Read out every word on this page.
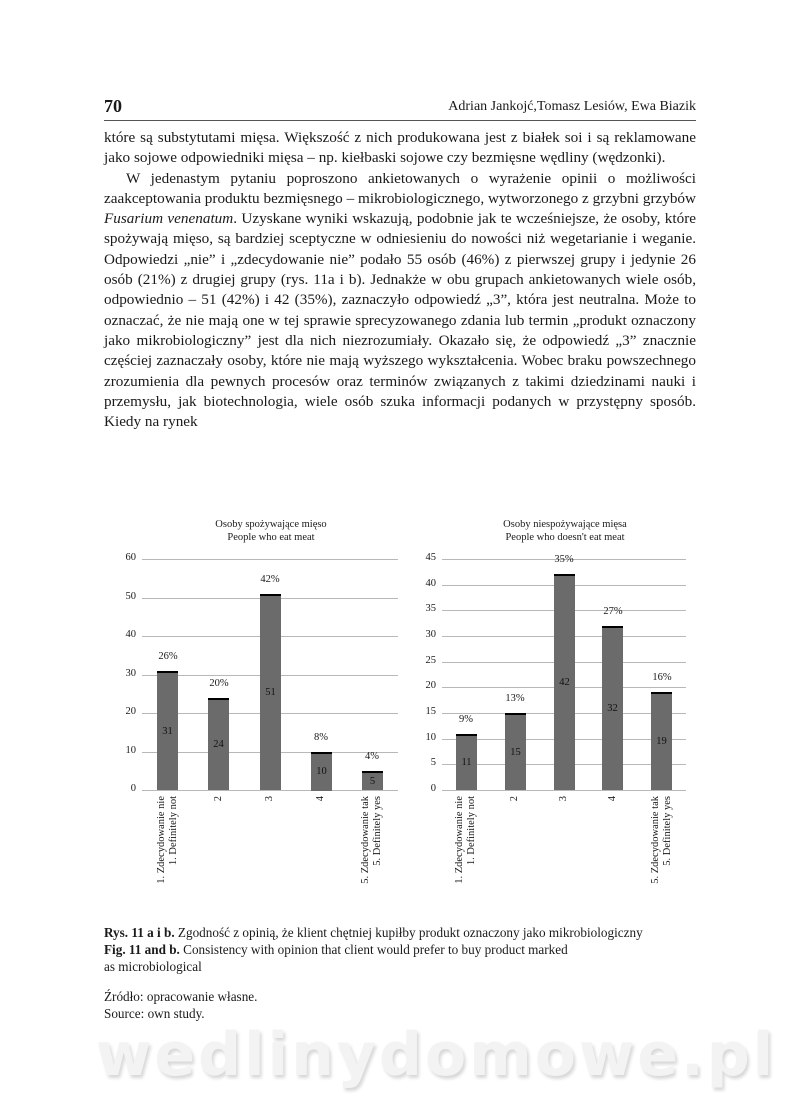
70	Adrian Jankojć,Tomasz Lesiów, Ewa Biazik

które są substytutami mięsa. Większość z nich produkowana jest z białek soi i są reklamowane jako sojowe odpowiedniki mięsa – np. kiełbaski sojowe czy bezmięsne wędliny (wędzonki).

W jedenastym pytaniu poproszono ankietowanych o wyrażenie opinii o możliwości zaakceptowania produktu bezmięsnego – mikrobiologicznego, wytworzonego z grzybni grzybów Fusarium venenatum. Uzyskane wyniki wskazują, podobnie jak te wcześniejsze, że osoby, które spożywają mięso, są bardziej sceptyczne w odniesieniu do nowości niż wegetarianie i weganie. Odpowiedzi „nie” i „zdecydowanie nie” podało 55 osób (46%) z pierwszej grupy i jedynie 26 osób (21%) z drugiej grupy (rys. 11a i b). Jednakże w obu grupach ankietowanych wiele osób, odpowiednio – 51 (42%) i 42 (35%), zaznaczyło odpowiedź „3”, która jest neutralna. Może to oznaczać, że nie mają one w tej sprawie sprecyzowanego zdania lub termin „produkt oznaczony jako mikrobiologiczny” jest dla nich niezrozumiały. Okazało się, że odpowiedź „3” znacznie częściej zaznaczały osoby, które nie mają wyższego wykształcenia. Wobec braku powszechnego zrozumienia dla pewnych procesów oraz terminów związanych z takimi dziedzinami nauki i przemysłu, jak biotechnologia, wiele osób szuka informacji podanych w przystępny sposób. Kiedy na rynek

Osoby spożywające mięso
People who eat meat
0
10
20
30
40
50
60
31
26%
1. Zdecydowanie nie 1. Definitely not
24
20%
2
51
42%
3
10
8%
4
5
4%
5. Zdecydowanie tak 5. Definitely yes
Osoby niespożywające mięsa
People who doesn't eat meat
0
5
10
15
20
25
30
35
40
45
11
9%
1. Zdecydowanie nie 1. Definitely not
15
13%
2
42
35%
3
32
27%
4
19
16%
5. Zdecydowanie tak 5. Definitely yes
Rys. 11 a i b. Zgodność z opinią, że klient chętniej kupiłby produkt oznaczony jako mikrobiologiczny
Fig. 11 and b. Consistency with opinion that client would prefer to buy product marked
as microbiological
Źródło: opracowanie własne.
Source: own study.
wedlinydomowe.pl
